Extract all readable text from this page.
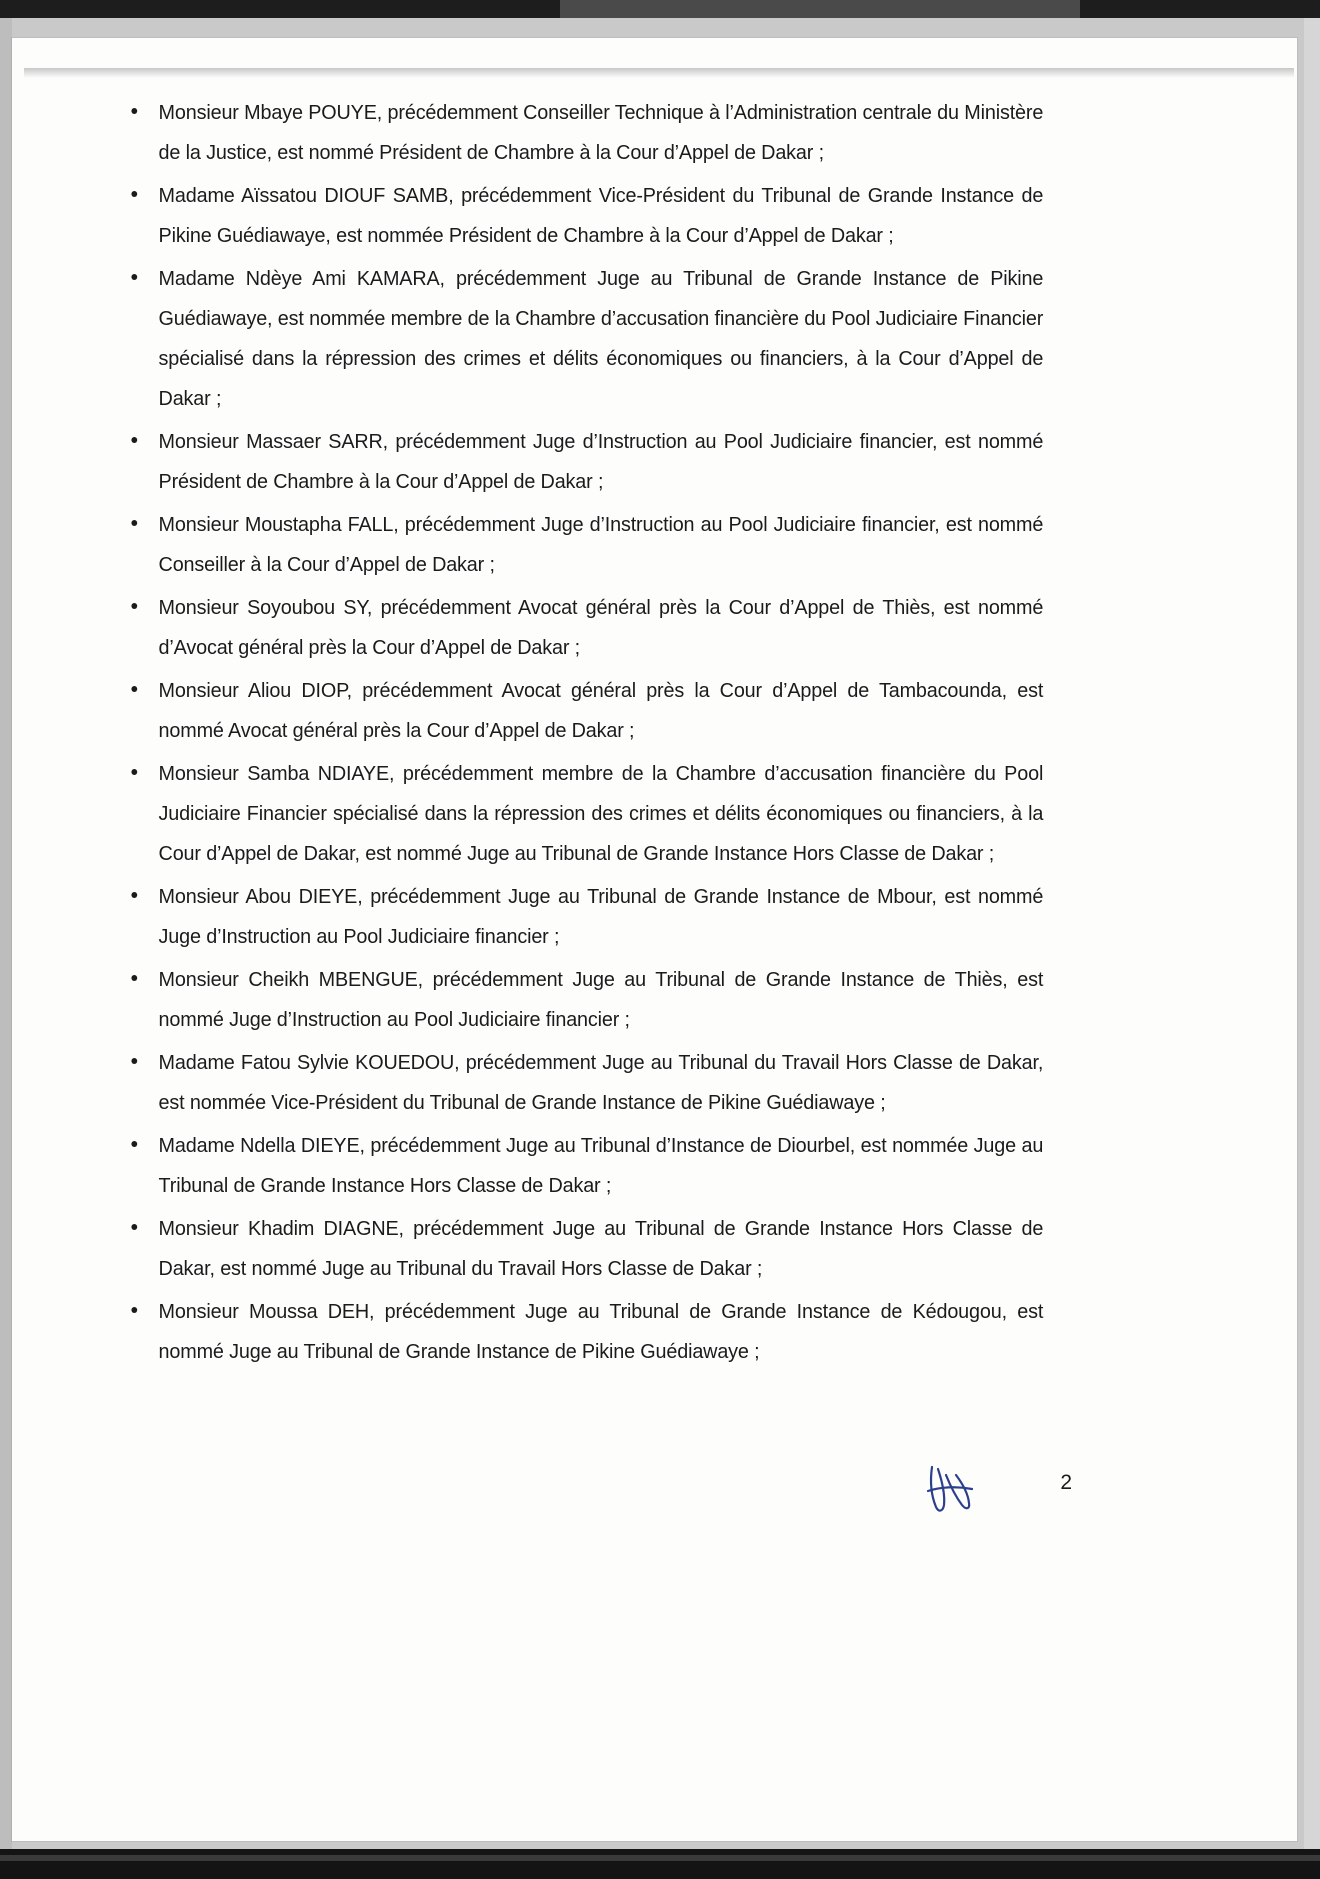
Monsieur Mbaye POUYE, précédemment Conseiller Technique à l’Administration centrale du Ministère de la Justice, est nommé Président de Chambre à la Cour d’Appel de Dakar ;
Madame Aïssatou DIOUF SAMB, précédemment Vice-Président du Tribunal de Grande Instance de Pikine Guédiawaye, est nommée Président de Chambre à la Cour d’Appel de Dakar ;
Madame Ndèye Ami KAMARA, précédemment Juge au Tribunal de Grande Instance de Pikine Guédiawaye, est nommée membre de la Chambre d’accusation financière du Pool Judiciaire Financier spécialisé dans la répression des crimes et délits économiques ou financiers, à la Cour d’Appel de Dakar ;
Monsieur Massaer SARR, précédemment Juge d’Instruction au Pool Judiciaire financier, est nommé Président de Chambre à la Cour d’Appel de Dakar ;
Monsieur Moustapha FALL, précédemment Juge d’Instruction au Pool Judiciaire financier, est nommé Conseiller à la Cour d’Appel de Dakar ;
Monsieur Soyoubou SY, précédemment Avocat général près la Cour d’Appel de Thiès, est nommé d’Avocat général près la Cour d’Appel de Dakar ;
Monsieur Aliou DIOP, précédemment Avocat général près la Cour d’Appel de Tambacounda, est nommé Avocat général près la Cour d’Appel de Dakar ;
Monsieur Samba NDIAYE, précédemment membre de la Chambre d’accusation financière du Pool Judiciaire Financier spécialisé dans la répression des crimes et délits économiques ou financiers, à la Cour d’Appel de Dakar, est nommé Juge au Tribunal de Grande Instance Hors Classe de Dakar ;
Monsieur Abou DIEYE, précédemment Juge au Tribunal de Grande Instance de Mbour, est nommé Juge d’Instruction au Pool Judiciaire financier ;
Monsieur Cheikh MBENGUE, précédemment Juge au Tribunal de Grande Instance de Thiès, est nommé Juge d’Instruction au Pool Judiciaire financier ;
Madame Fatou Sylvie KOUEDOU, précédemment Juge au Tribunal du Travail Hors Classe de Dakar, est nommée Vice-Président du Tribunal de Grande Instance de Pikine Guédiawaye ;
Madame Ndella DIEYE, précédemment Juge au Tribunal d’Instance de Diourbel, est nommée Juge au Tribunal de Grande Instance Hors Classe de Dakar ;
Monsieur Khadim DIAGNE, précédemment Juge au Tribunal de Grande Instance Hors Classe de Dakar, est nommé Juge au Tribunal du Travail Hors Classe de Dakar ;
Monsieur Moussa DEH, précédemment Juge au Tribunal de Grande Instance de Kédougou, est nommé Juge au Tribunal de Grande Instance de Pikine Guédiawaye ;
2
